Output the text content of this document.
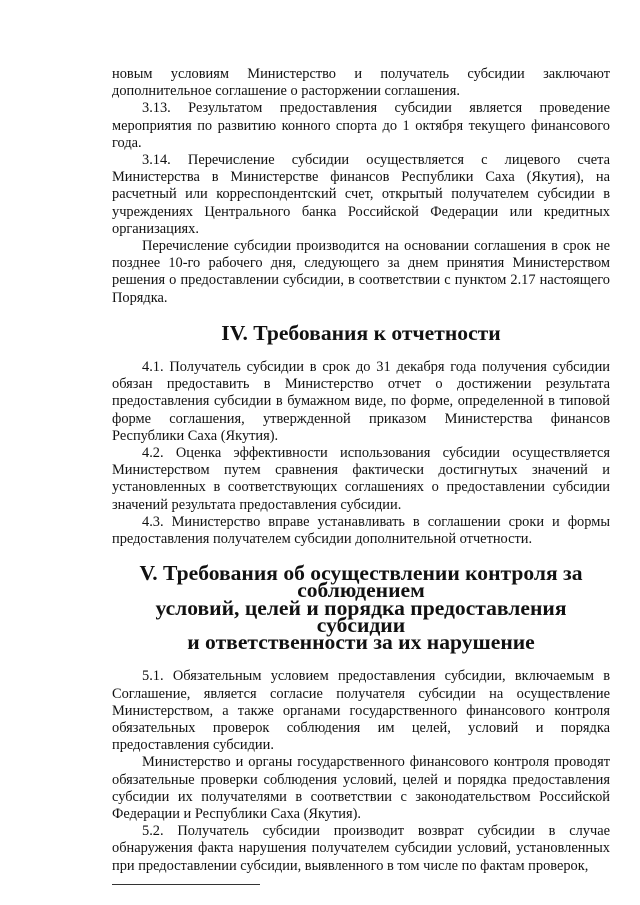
новым условиям Министерство и получатель субсидии заключают дополнительное соглашение о расторжении соглашения.

3.13. Результатом предоставления субсидии является проведение мероприятия по развитию конного спорта до 1 октября текущего финансового года.

3.14. Перечисление субсидии осуществляется с лицевого счета Министерства в Министерстве финансов Республики Саха (Якутия), на расчетный или корреспондентский счет, открытый получателем субсидии в учреждениях Центрального банка Российской Федерации или кредитных организациях.

Перечисление субсидии производится на основании соглашения в срок не позднее 10-го рабочего дня, следующего за днем принятия Министерством решения о предоставлении субсидии, в соответствии с пунктом 2.17 настоящего Порядка.

IV. Требования к отчетности

4.1. Получатель субсидии в срок до 31 декабря года получения субсидии обязан предоставить в Министерство отчет о достижении результата предоставления субсидии в бумажном виде, по форме, определенной в типовой форме соглашения, утвержденной приказом Министерства финансов Республики Саха (Якутия).

4.2. Оценка эффективности использования субсидии осуществляется Министерством путем сравнения фактически достигнутых значений и установленных в соответствующих соглашениях о предоставлении субсидии значений результата предоставления субсидии.

4.3. Министерство вправе устанавливать в соглашении сроки и формы предоставления получателем субсидии дополнительной отчетности.

V. Требования об осуществлении контроля за соблюдением
условий, целей и порядка предоставления субсидии
и ответственности за их нарушение

5.1. Обязательным условием предоставления субсидии, включаемым в Соглашение, является согласие получателя субсидии на осуществление Министерством, а также органами государственного финансового контроля обязательных проверок соблюдения им целей, условий и порядка предоставления субсидии.

Министерство и органы государственного финансового контроля проводят обязательные проверки соблюдения условий, целей и порядка предоставления субсидии их получателями в соответствии с законодательством Российской Федерации и Республики Саха (Якутия).

5.2. Получатель субсидии производит возврат субсидии в случае обнаружения факта нарушения получателем субсидии условий, установленных при предоставлении субсидии, выявленного в том числе по фактам проверок,
